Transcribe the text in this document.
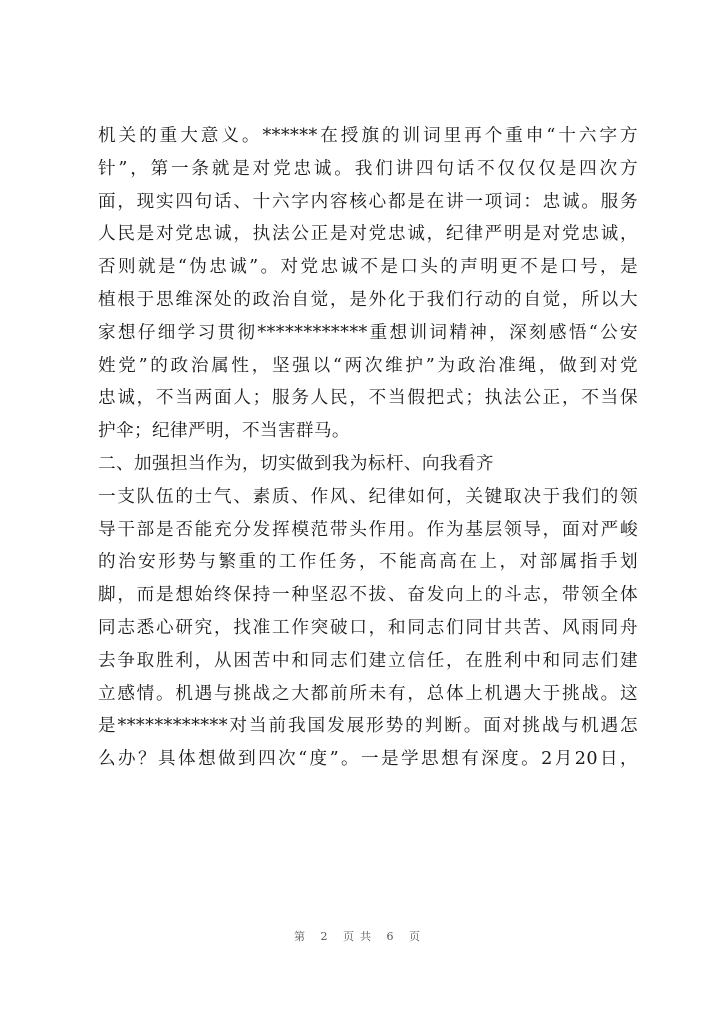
机关的重大意义。******在授旗的训词里再个重申“十六字方
针”，第一条就是对党忠诚。我们讲四句话不仅仅仅是四次方
面，现实四句话、十六字内容核心都是在讲一项词：忠诚。服务
人民是对党忠诚，执法公正是对党忠诚，纪律严明是对党忠诚，
否则就是“伪忠诚”。对党忠诚不是口头的声明更不是口号，是
植根于思维深处的政治自觉，是外化于我们行动的自觉，所以大
家想仔细学习贯彻************重想训词精神，深刻感悟“公安
姓党”的政治属性，坚强以“两次维护”为政治准绳，做到对党
忠诚，不当两面人；服务人民，不当假把式；执法公正，不当保
护伞；纪律严明，不当害群马。
二、加强担当作为，切实做到我为标杆、向我看齐
一支队伍的士气、素质、作风、纪律如何，关键取决于我们的领
导干部是否能充分发挥模范带头作用。作为基层领导，面对严峻
的治安形势与繁重的工作任务，不能高高在上，对部属指手划
脚，而是想始终保持一种坚忍不拔、奋发向上的斗志，带领全体
同志悉心研究，找准工作突破口，和同志们同甘共苦、风雨同舟
去争取胜利，从困苦中和同志们建立信任，在胜利中和同志们建
立感情。机遇与挑战之大都前所未有，总体上机遇大于挑战。这
是************对当前我国发展形势的判断。面对挑战与机遇怎
么办？具体想做到四次“度”。一是学思想有深度。2月20日，
第 2 页共 6 页
